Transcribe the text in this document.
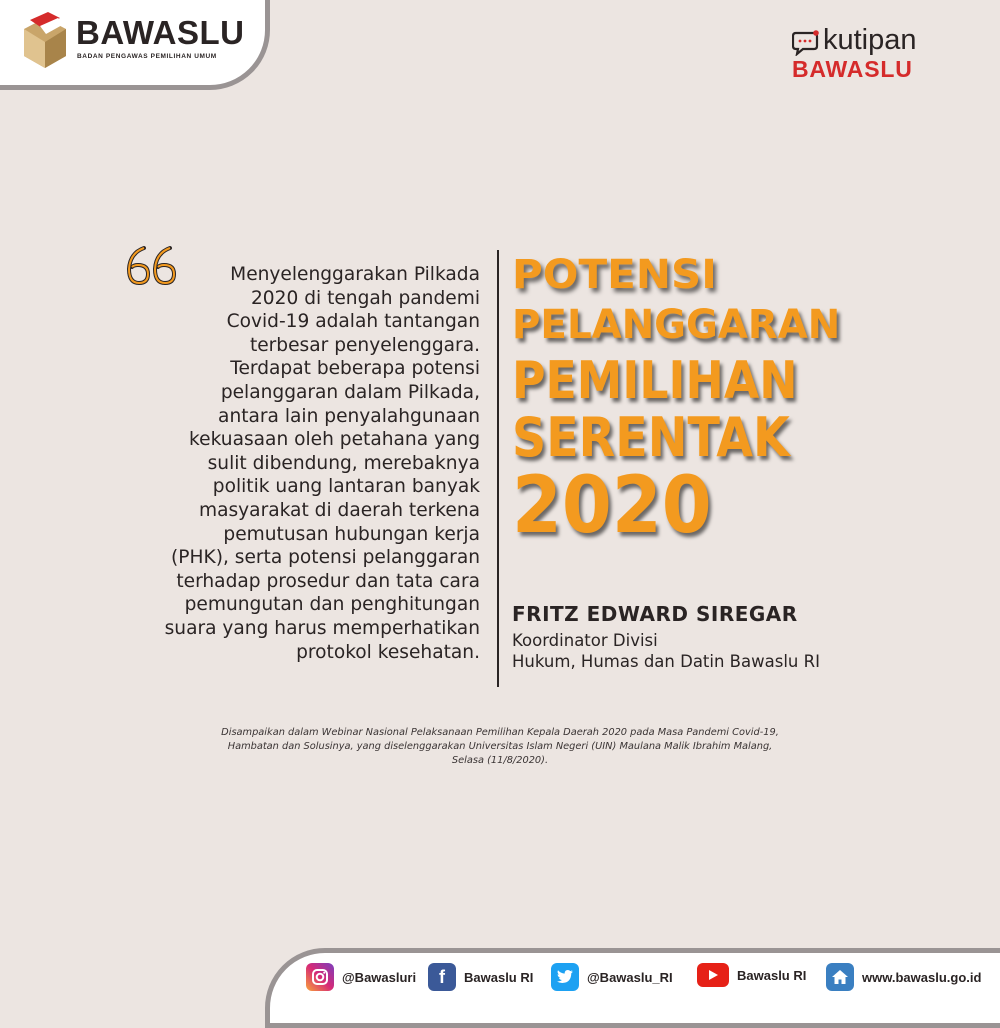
BAWASLU
BADAN PENGAWAS PEMILIHAN UMUM
kutipan
BAWASLU
Menyelenggarakan Pilkada
2020 di tengah pandemi
Covid-19 adalah tantangan
terbesar penyelenggara.
Terdapat beberapa potensi
pelanggaran dalam Pilkada,
antara lain penyalahgunaan
kekuasaan oleh petahana yang
sulit dibendung, merebaknya
politik uang lantaran banyak
masyarakat di daerah terkena
pemutusan hubungan kerja
(PHK), serta potensi pelanggaran
terhadap prosedur dan tata cara
pemungutan dan penghitungan
suara yang harus memperhatikan
protokol kesehatan.
POTENSI
PELANGGARAN
PEMILIHAN
SERENTAK
2020
FRITZ EDWARD SIREGAR
Koordinator Divisi
Hukum, Humas dan Datin Bawaslu RI
Disampaikan dalam Webinar Nasional Pelaksanaan Pemilihan Kepala Daerah 2020 pada Masa Pandemi Covid-19,
Hambatan dan Solusinya, yang diselenggarakan Universitas Islam Negeri (UIN) Maulana Malik Ibrahim Malang,
Selasa (11/8/2020).
@Bawasluri	f	Bawaslu RI	@Bawaslu_RI	Bawaslu RI	www.bawaslu.go.id
